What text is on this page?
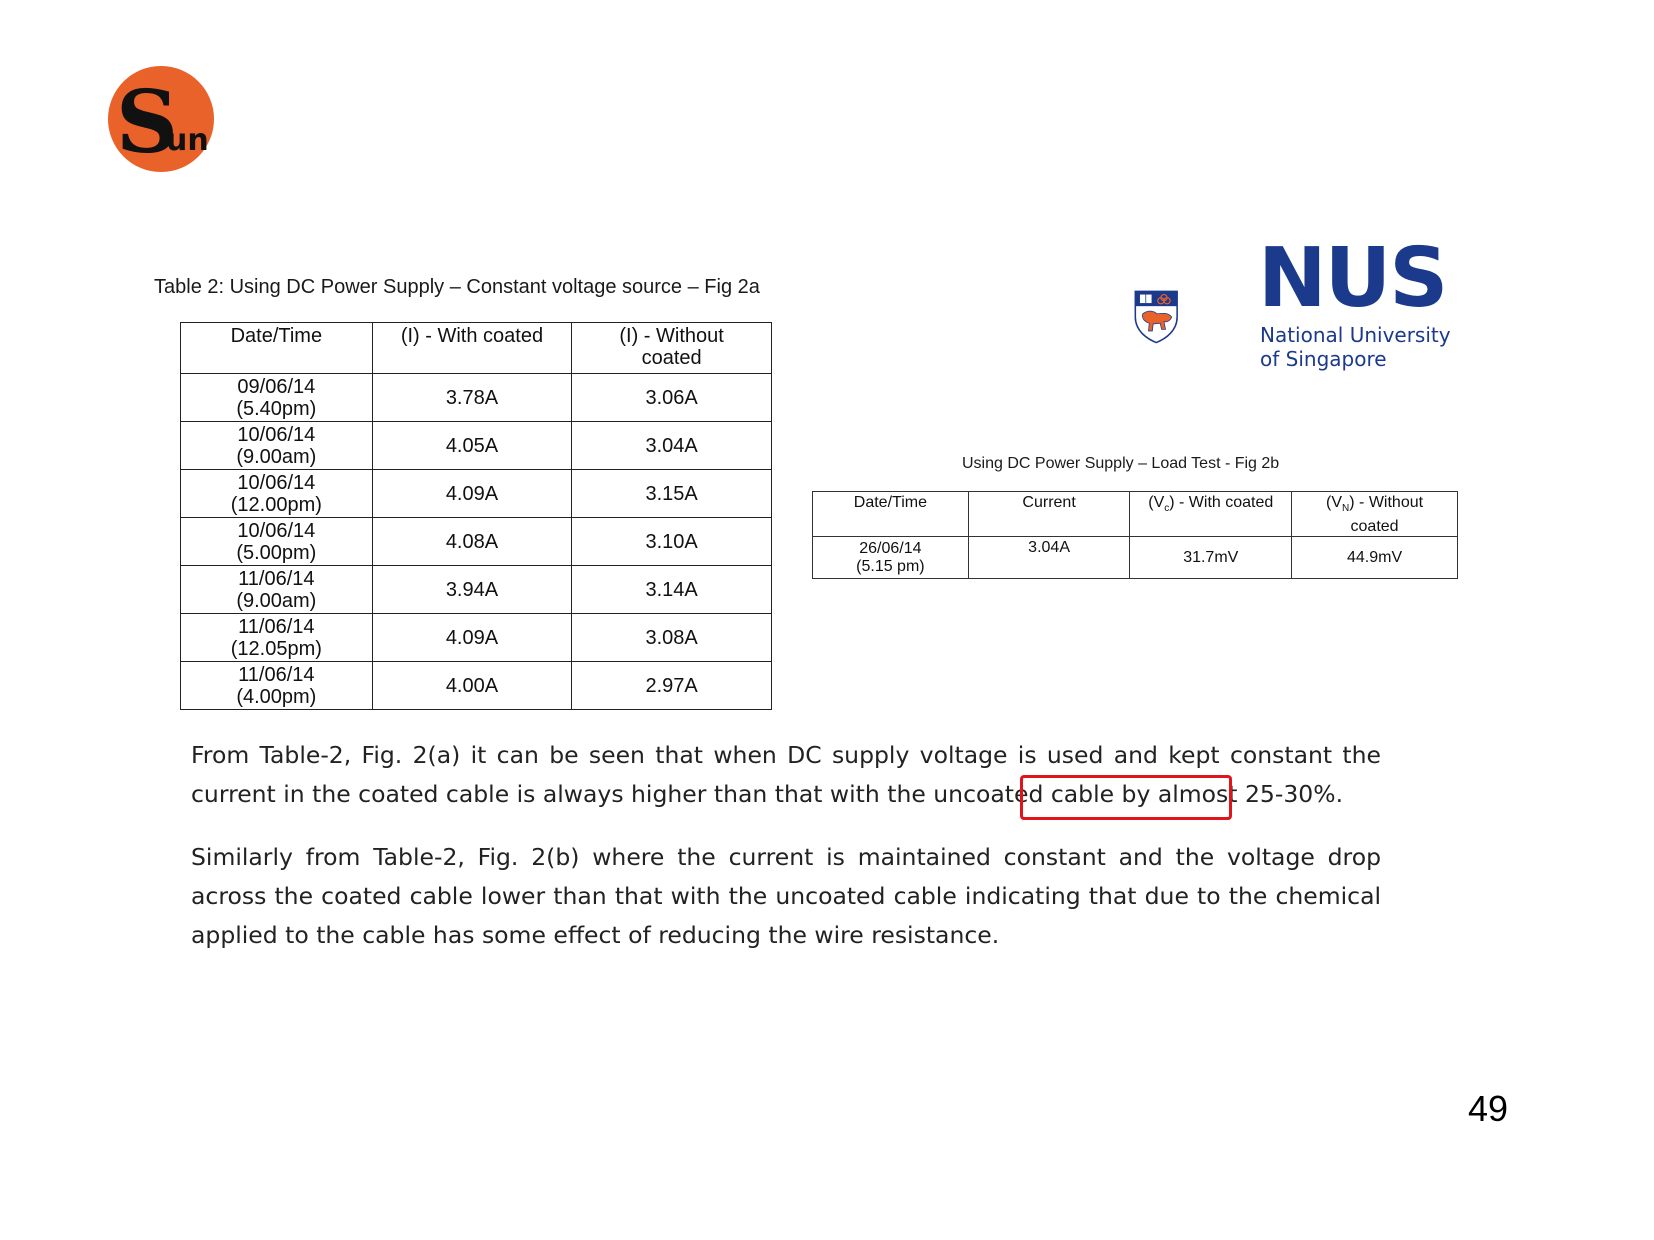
S
un
NUS
National University
of Singapore
Table 2: Using DC Power Supply – Constant voltage source – Fig 2a
Date/Time	(I) - With coated	(I) - Without coated

09/06/14
(5.40pm)	3.78A	3.06A

10/06/14
(9.00am)	4.05A	3.04A

10/06/14
(12.00pm)	4.09A	3.15A

10/06/14
(5.00pm)	4.08A	3.10A

11/06/14
(9.00am)	3.94A	3.14A

11/06/14
(12.05pm)	4.09A	3.08A

11/06/14
(4.00pm)	4.00A	2.97A
Using DC Power Supply – Load Test - Fig 2b
Date/Time	Current	$(V_c)$ - With coated	$(V_N)$ - Without coated

26/06/14
(5.15 pm)	3.04A	31.7mV	44.9mV
From Table-2, Fig. 2(a) it can be seen that when DC supply voltage is used and kept constant the current in the coated cable is always higher than that with the uncoated cable by almost 25-30%.
Similarly from Table-2, Fig. 2(b) where the current is maintained constant and the voltage drop across the coated cable lower than that with the uncoated cable indicating that due to the chemical applied to the cable has some effect of reducing the wire resistance.
49
